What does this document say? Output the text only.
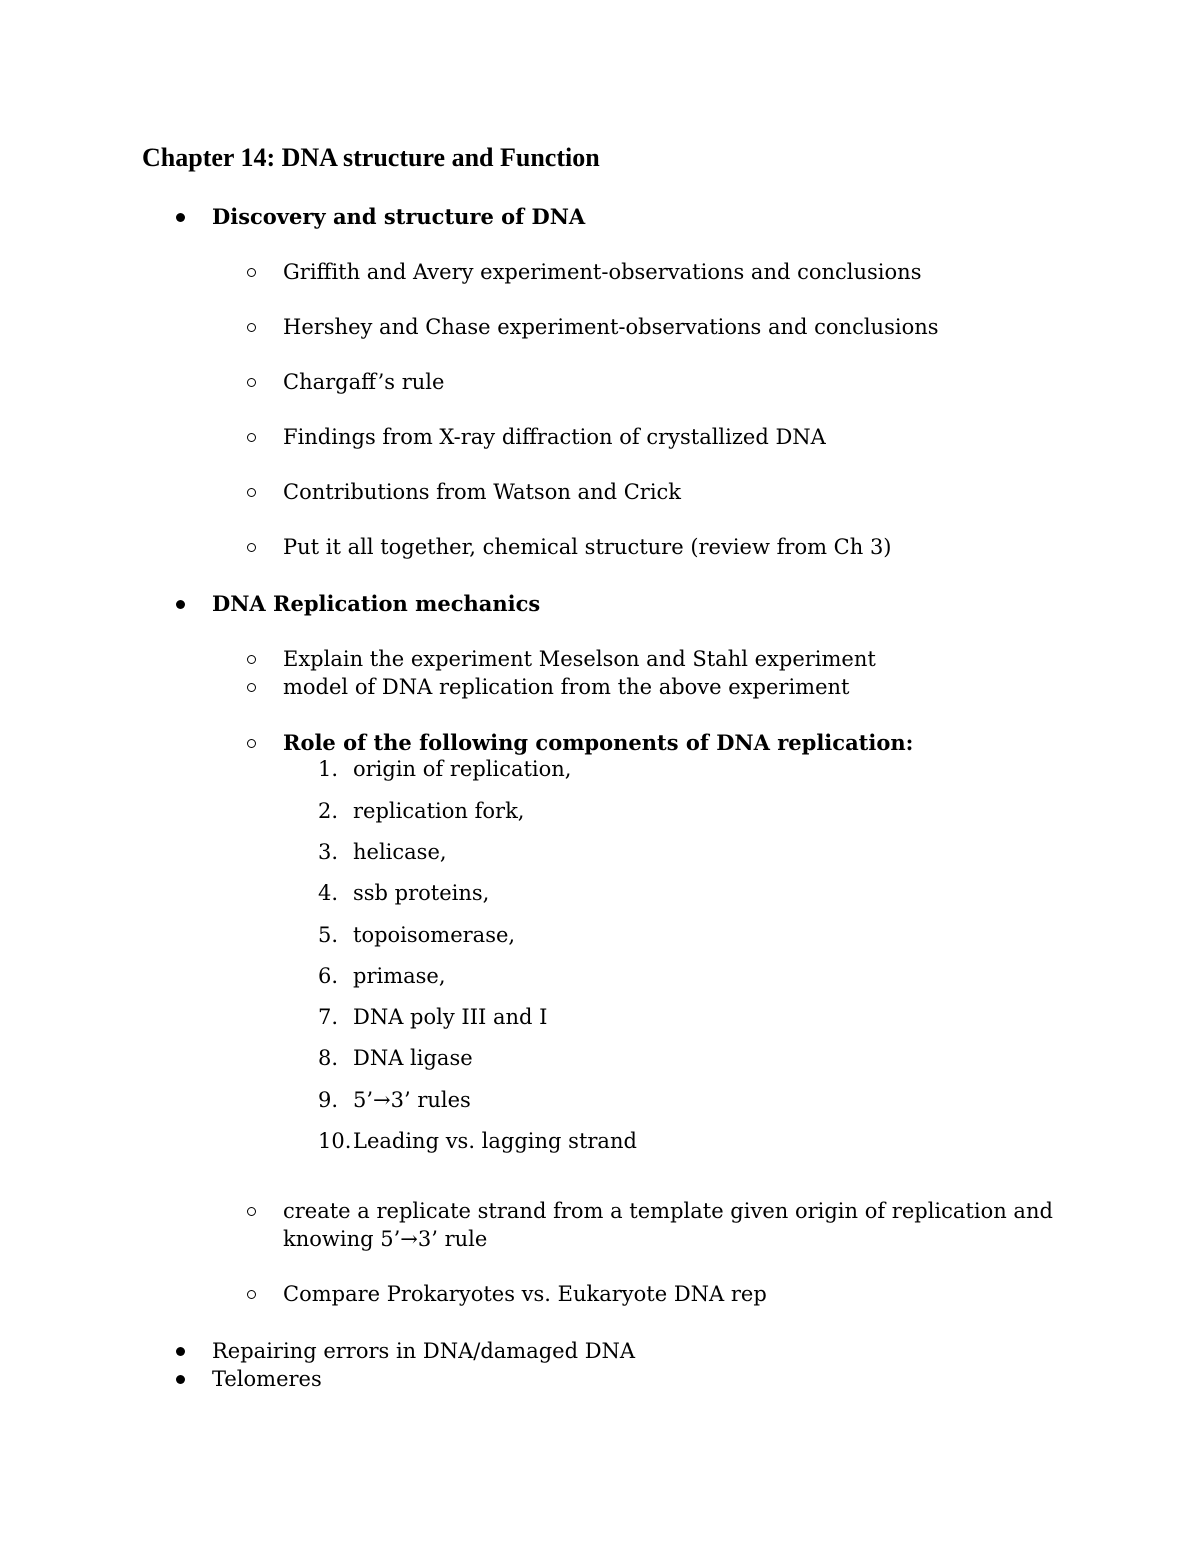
Chapter 14: DNA structure and Function
Discovery and structure of DNA
Griffith and Avery experiment-observations and conclusions
Hershey and Chase experiment-observations and conclusions
Chargaff’s rule
Findings from X-ray diffraction of crystallized DNA
Contributions from Watson and Crick
Put it all together, chemical structure (review from Ch 3)
DNA Replication mechanics
Explain the experiment Meselson and Stahl experiment
model of DNA replication from the above experiment
Role of the following components of DNA replication:
1. origin of replication,
2. replication fork,
3. helicase,
4. ssb proteins,
5. topoisomerase,
6. primase,
7. DNA poly III and I
8. DNA ligase
9. 5’→3’ rules
10. Leading vs. lagging strand
create a replicate strand from a template given origin of replication and
knowing 5’→3’ rule
Compare Prokaryotes vs. Eukaryote DNA rep
Repairing errors in DNA/damaged DNA
Telomeres
